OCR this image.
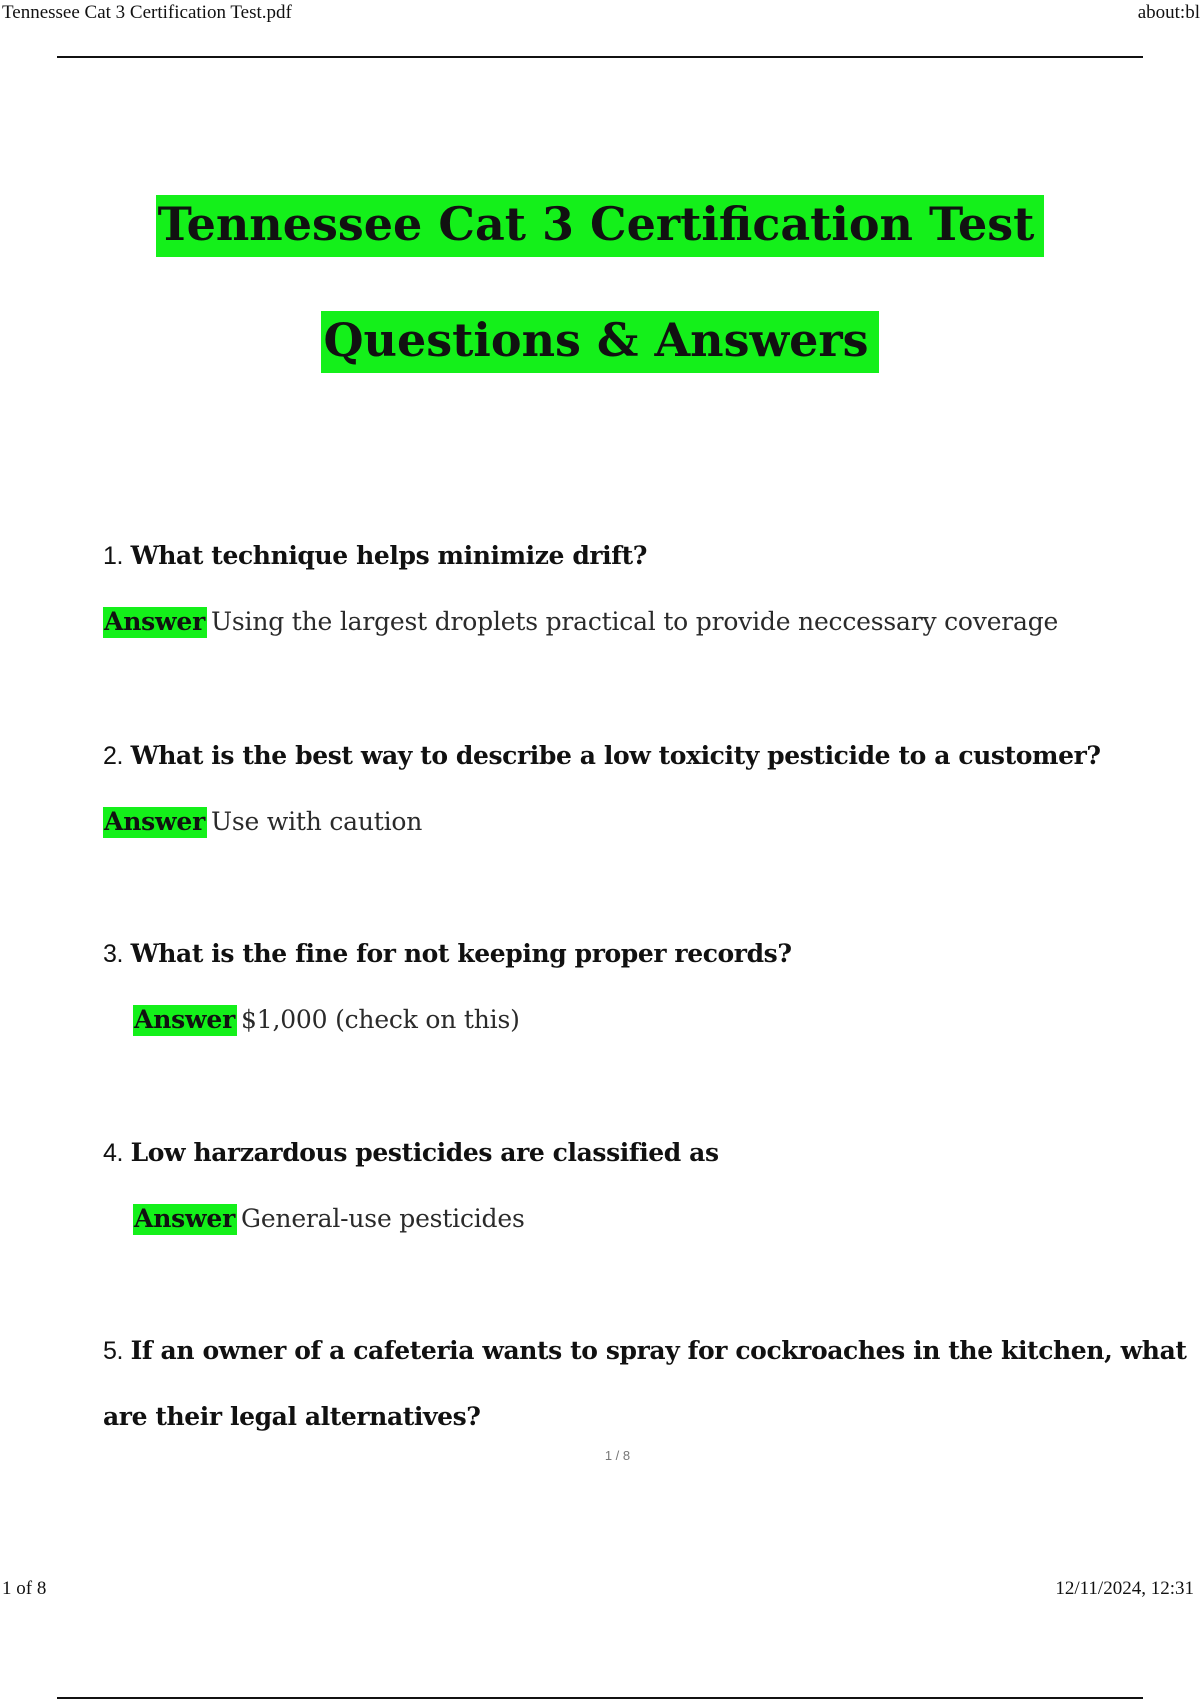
Tennessee Cat 3 Certification Test.pdf	about:bl
Tennessee Cat 3 Certification Test
Questions & Answers
1. What technique helps minimize drift?
Answer Using the largest droplets practical to provide neccessary coverage
2. What is the best way to describe a low toxicity pesticide to a customer?
Answer Use with caution
3. What is the fine for not keeping proper records?
Answer $1,000 (check on this)
4. Low harzardous pesticides are classified as
Answer General-use pesticides
5. If an owner of a cafeteria wants to spray for cockroaches in the kitchen, what
are their legal alternatives?
1 / 8
1 of 8	12/11/2024, 12:31
